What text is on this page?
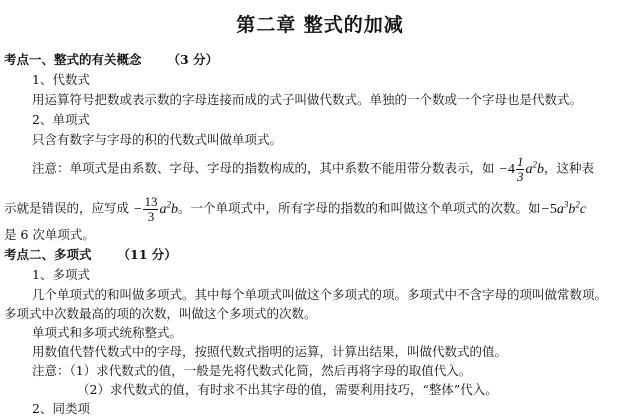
第二章 整式的加减
考点一、整式的有关概念 （3 分）
1、代数式
用运算符号把数或表示数的字母连接而成的式子叫做代数式。单独的一个数或一个字母也是代数式。
2、单项式
只含有数字与字母的积的代数式叫做单项式。
注意：单项式是由系数、字母、字母的指数构成的，其中系数不能用带分数表示，如 $-4 \frac{1}{3} a^2b$，这种表
示就是错误的，应写成 − $\frac{13}{3} a^2b$。一个单项式中，所有字母的指数的和叫做这个单项式的次数。如$-5a^3b^2c$
是 6 次单项式。
考点二、多项式 （11 分）
1、多项式
几个单项式的和叫做多项式。其中每个单项式叫做这个多项式的项。多项式中不含字母的项叫做常数项。
多项式中次数最高的项的次数，叫做这个多项式的次数。
单项式和多项式统称整式。
用数值代替代数式中的字母，按照代数式指明的运算，计算出结果，叫做代数式的值。
注意：（1）求代数式的值，一般是先将代数式化简，然后再将字母的取值代入。
（2）求代数式的值，有时求不出其字母的值，需要利用技巧，“整体”代入。
2、同类项
